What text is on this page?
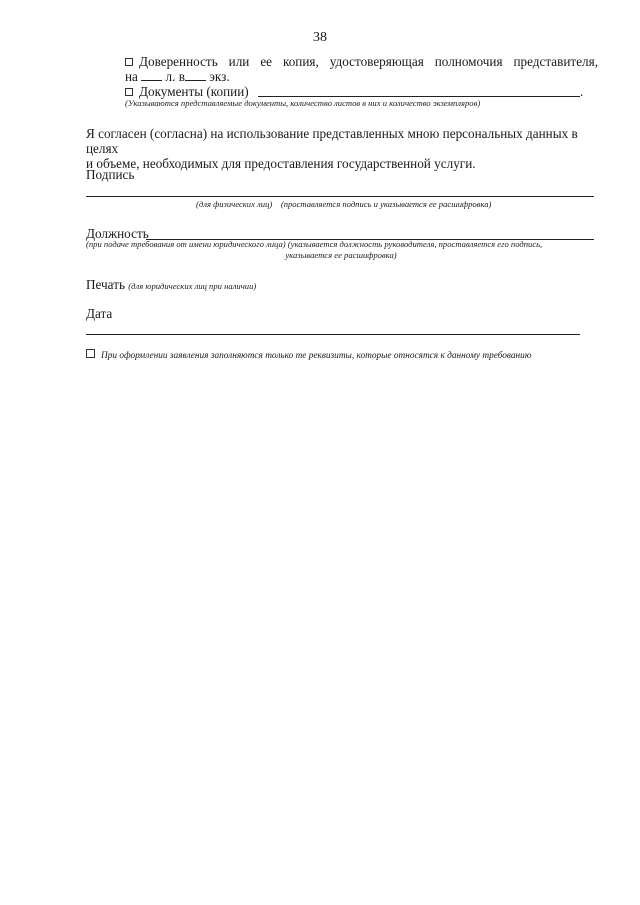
38
Доверенность или ее копия, удостоверяющая полномочия представителя,
на л. в экз.
Документы (копии)	.
(Указываются представляемые документы, количество листов в них и количество экземпляров)
Я согласен (согласна) на использование представленных мною персональных данных в целях
и объеме, необходимых для предоставления государственной услуги.
Подпись
(для физических лиц) (проставляется подпись и указывается ее расшифровка)
Должность
(при подаче требования от имени юридического лица) (указывается должность руководителя, проставляется его подпись,
указывается ее расшифровка)
Печать (для юридических лиц при наличии)
Дата
При оформлении заявления заполняются только те реквизиты, которые относятся к данному требованию
